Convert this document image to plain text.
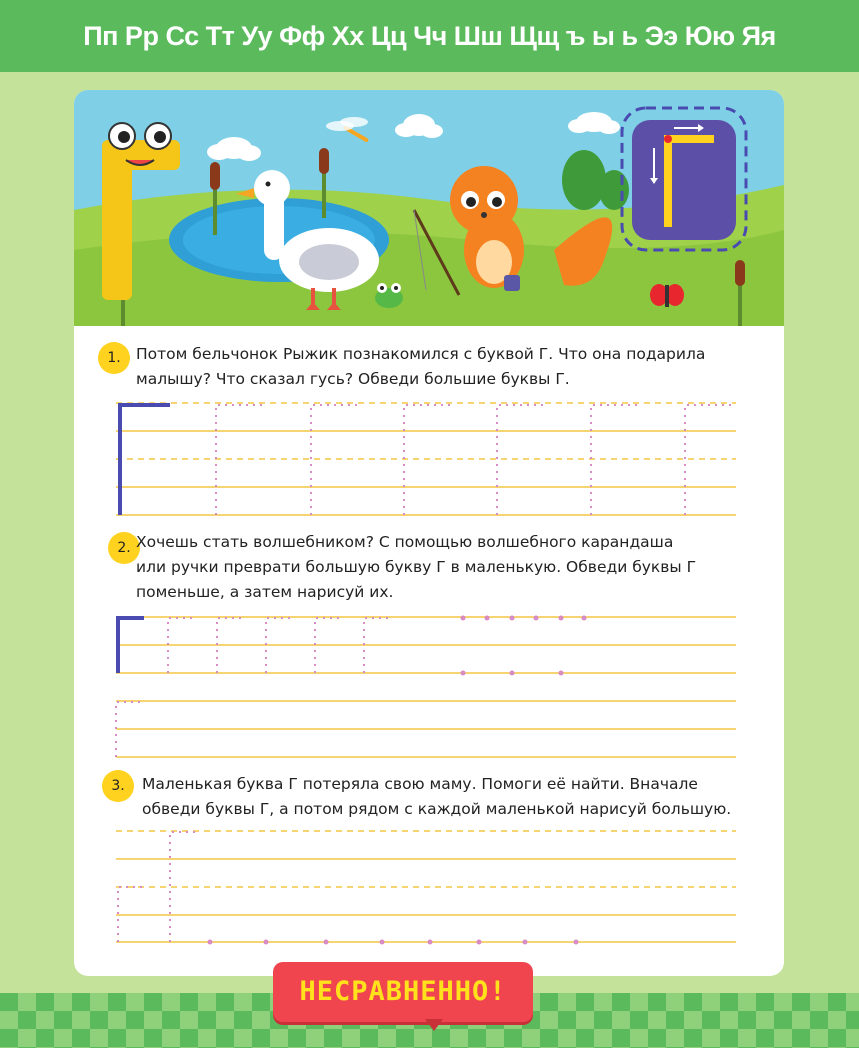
Пп Рр Сс Тт Уу Фф Хх Цц Чч Шш Щщ ъ ы ь Ээ Юю Яя
1. Потом бельчонок Рыжик познакомился с буквой Г. Что она подарила
малышу? Что сказал гусь? Обведи большие буквы Г.
2. Хочешь стать волшебником? С помощью волшебного карандаша
или ручки преврати большую букву Г в маленькую. Обведи буквы Г
поменьше, а затем нарисуй их.
3.	Маленькая буква Г потеряла свою маму. Помоги её найти. Вначале
обведи буквы Г, а потом рядом с каждой маленькой нарисуй большую.
НЕСРАВНЕННО!
